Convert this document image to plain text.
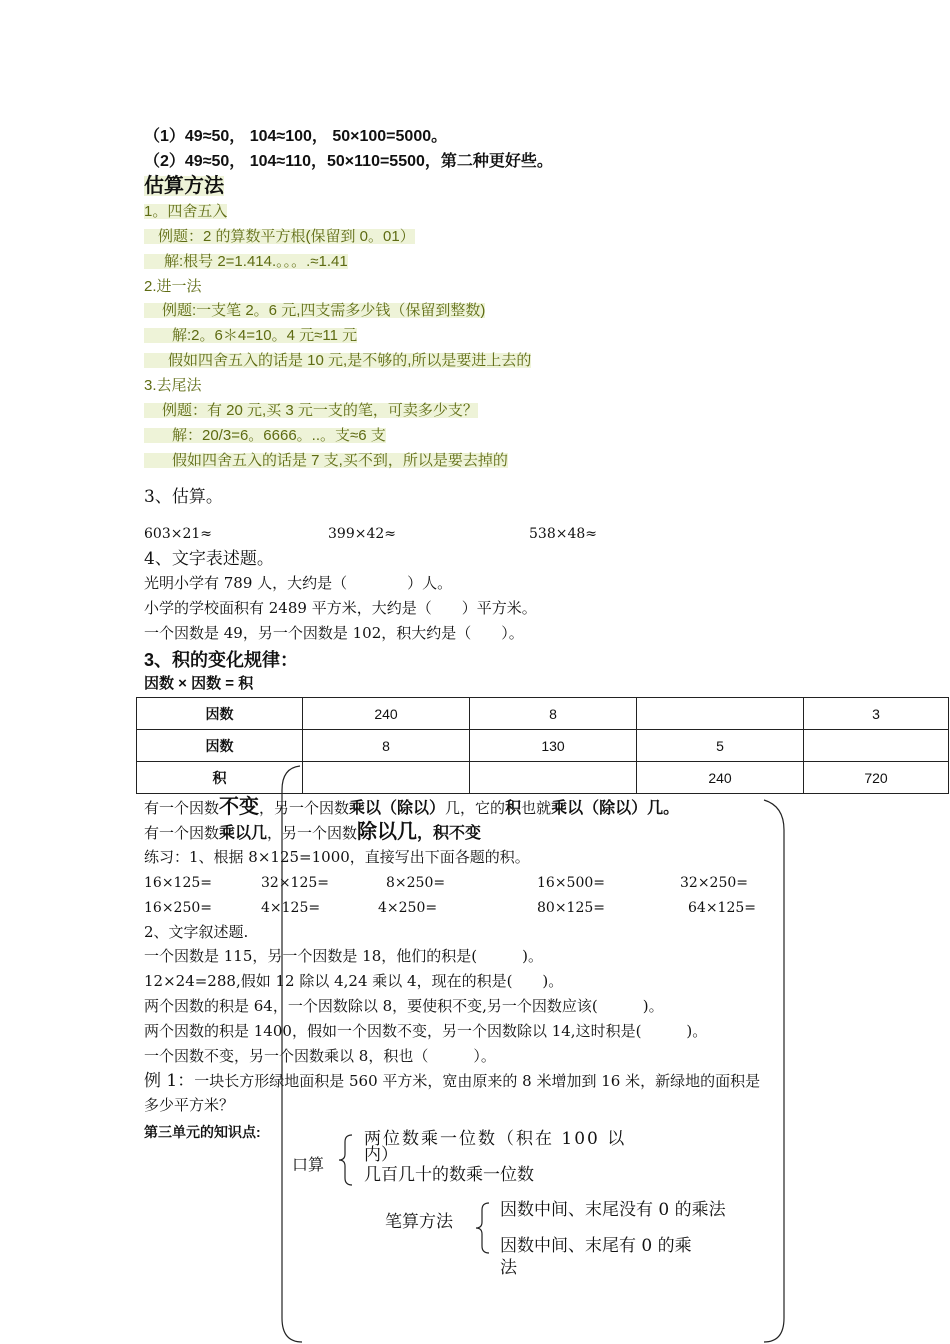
（1）49≈50， 104≈100， 50×100=5000。
（2）49≈50， 104≈110，50×110=5500，第二种更好些。
估算方法
1。四舍五入
例题：2 的算数平方根(保留到 0。01）
解:根号 2=1.414.。。。.≈1.41
2.进一法
例题:一支笔 2。6 元,四支需多少钱（保留到整数)
解:2。6＊4=10。4 元≈11 元
假如四舍五入的话是 10 元,是不够的,所以是要进上去的
3.去尾法
例题：有 20 元,买 3 元一支的笔，可卖多少支？
解：20/3=6。6666。..。支≈6 支
假如四舍五入的话是 7 支,买不到，所以是要去掉的
3、估算。
603×21≈	399×42≈	538×48≈
4、文字表述题。
光明小学有 789 人，大约是（　　　　）人。
小学的学校面积有 2489 平方米，大约是（　　）平方米。
一个因数是 49，另一个因数是 102，积大约是（　　）。
3、积的变化规律：
因数 × 因数 = 积
因数	240	8		3
因数	8	130	5	
积			240	720
有一个因数不变，另一个因数乘以（除以）几，它的积也就乘以（除以）几。
有一个因数乘以几，另一个因数除以几，积不变
练习：1、根据 8×125=1000，直接写出下面各题的积。
16×125=	32×125=	8×250=	16×500=	32×250=
16×250=	4×125=	4×250=	80×125=	64×125=
2、文字叙述题.
一个因数是 115，另一个因数是 18，他们的积是(　　　)。
12×24=288,假如 12 除以 4,24 乘以 4，现在的积是(　　)。
两个因数的积是 64，一个因数除以 8，要使积不变,另一个因数应该(　　　)。
两个因数的积是 1400，假如一个因数不变，另一个因数除以 14,这时积是(　　　)。
一个因数不变，另一个因数乘以 8，积也（　　　）。
例 1：一块长方形绿地面积是 560 平方米，宽由原来的 8 米增加到 16 米，新绿地的面积是
多少平方米？
第三单元的知识点:
口算
两位数乘一位数（积在 100 以
内）
几百几十的数乘一位数
笔算方法
因数中间、末尾没有 0 的乘法
因数中间、末尾有 0 的乘
法
